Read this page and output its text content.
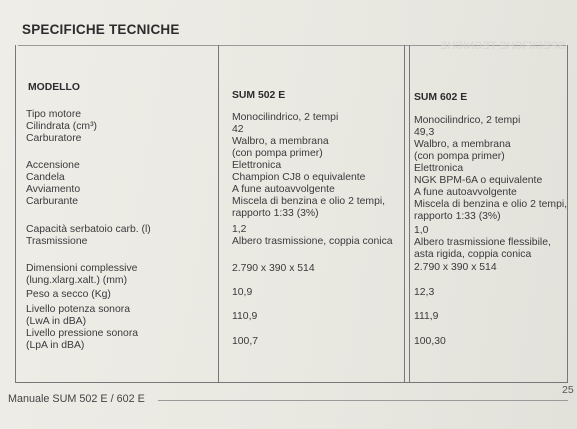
SPECIFICHE TECNICHE
MODELLO
Tipo motore
Cilindrata (cm³)
Carburatore
Accensione
Candela
Avviamento
Carburante
Capacità serbatoio carb. (l)
Trasmissione
Dimensioni complessive
(lung.xlarg.xalt.) (mm)
Peso a secco (Kg)
Livello potenza sonora
(LwA in dBA)
Livello pressione sonora
(LpA in dBA)
SUM 502 E
Monocilindrico, 2 tempi
42
Walbro, a membrana
(con pompa primer)
Elettronica
Champion CJ8 o equivalente
A fune autoavvolgente
Miscela di benzina e olio 2 tempi,
rapporto 1:33 (3%)
1,2
Albero trasmissione, coppia conica
2.790 x 390 x 514
10,9
110,9
100,7
SUM 602 E
Monocilindrico, 2 tempi
49,3
Walbro, a membrana
(con pompa primer)
Elettronica
NGK BPM-6A o equivalente
A fune autoavvolgente
Miscela di benzina e olio 2 tempi,
rapporto 1:33 (3%)
1,0
Albero trasmissione flessibile,
asta rigida, coppia conica
2.790 x 390 x 514
12,3
111,9
100,30
SPECIFICHE TECNICHE
Manuale SUM 502 E / 602 E
25
